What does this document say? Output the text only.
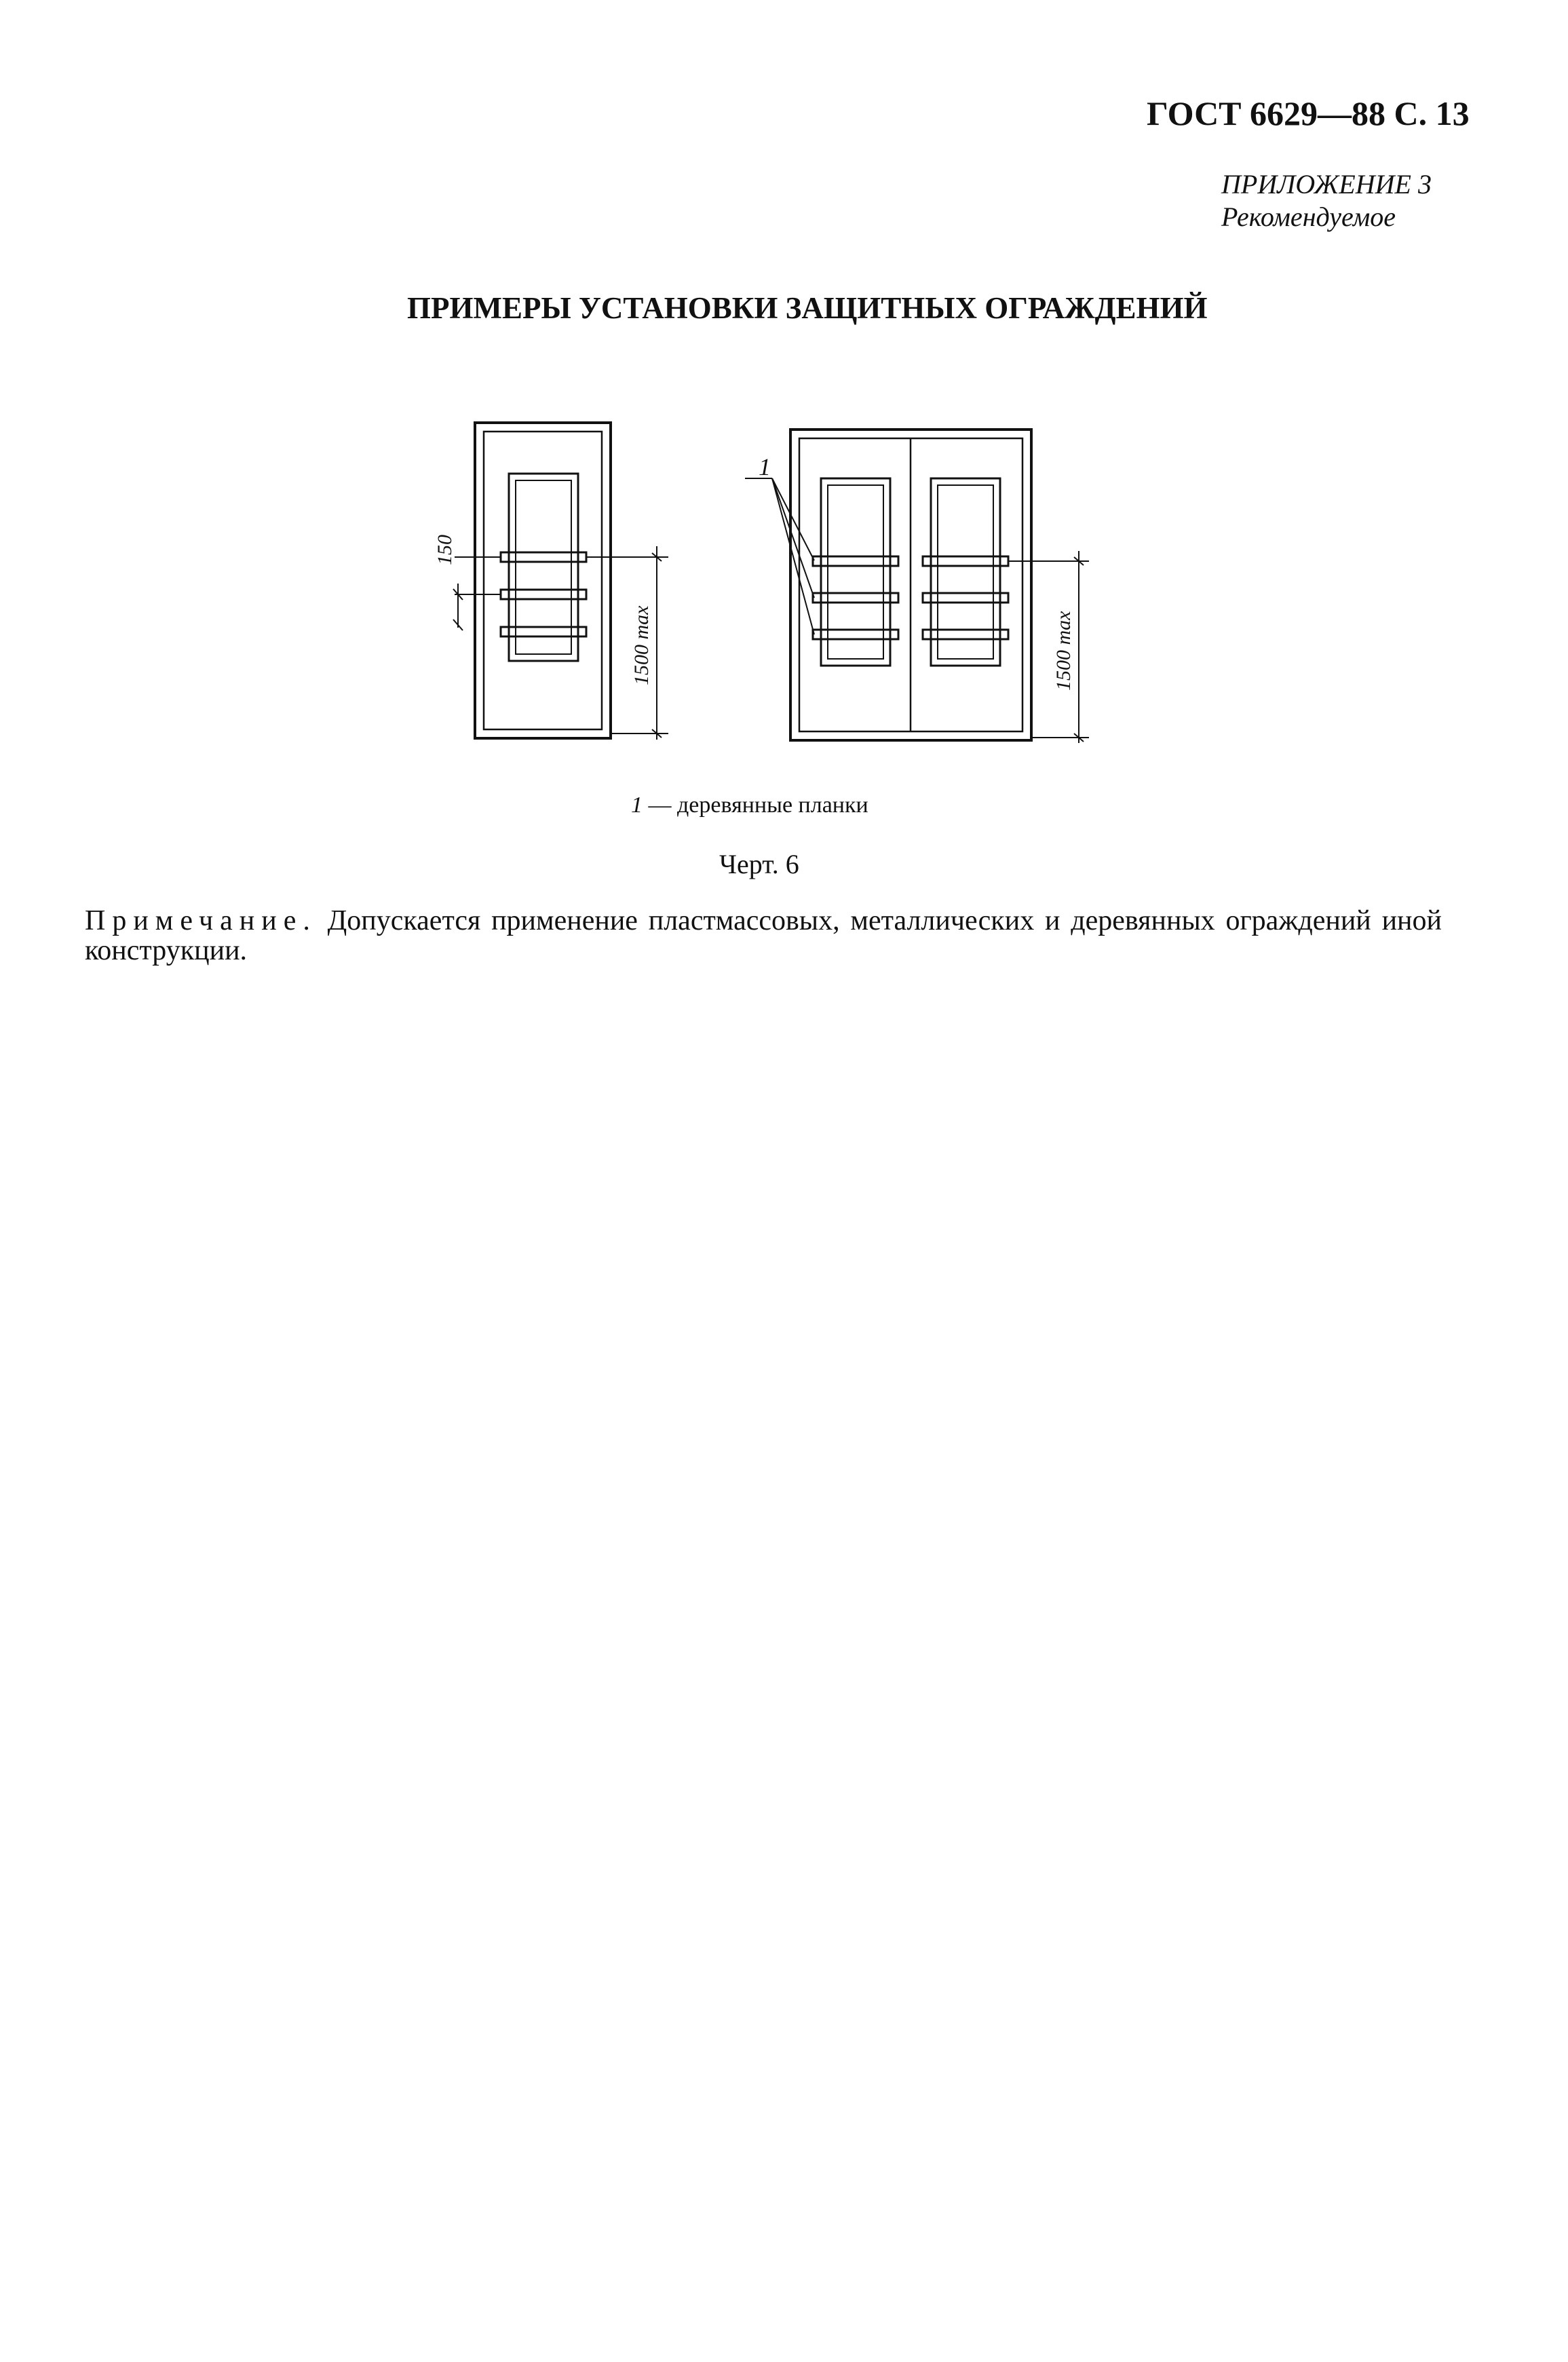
ГОСТ 6629—88 С. 13
ПРИЛОЖЕНИЕ 3
Рекомендуемое
ПРИМЕРЫ УСТАНОВКИ ЗАЩИТНЫХ ОГРАЖДЕНИЙ
1
150
1500 max	1500 max
1 — деревянные планки
Черт. 6
Примечание. Допускается применение пластмассовых, металлических и деревянных ограждений иной конструкции.
